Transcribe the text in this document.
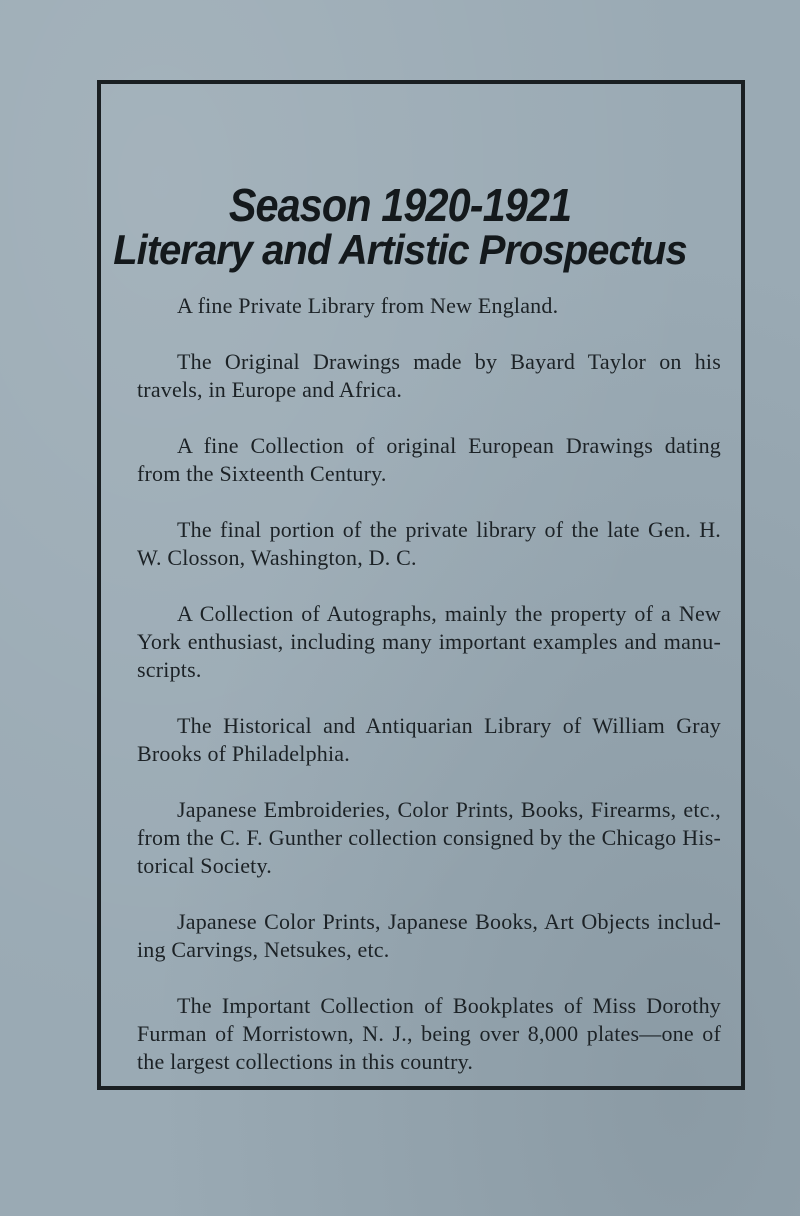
Season 1920-1921
Literary and Artistic Prospectus
A fine Private Library from New England.
The Original Drawings made by Bayard Taylor on his travels, in Europe and Africa.
A fine Collection of original European Drawings dating from the Sixteenth Century.
The final portion of the private library of the late Gen. H. W. Closson, Washington, D. C.
A Collection of Autographs, mainly the property of a New York enthusiast, including many important examples and manu-scripts.
The Historical and Antiquarian Library of William Gray Brooks of Philadelphia.
Japanese Embroideries, Color Prints, Books, Firearms, etc., from the C. F. Gunther collection consigned by the Chicago His-torical Society.
Japanese Color Prints, Japanese Books, Art Objects includ-ing Carvings, Netsukes, etc.
The Important Collection of Bookplates of Miss Dorothy Furman of Morristown, N. J., being over 8,000 plates—one of the largest collections in this country.
